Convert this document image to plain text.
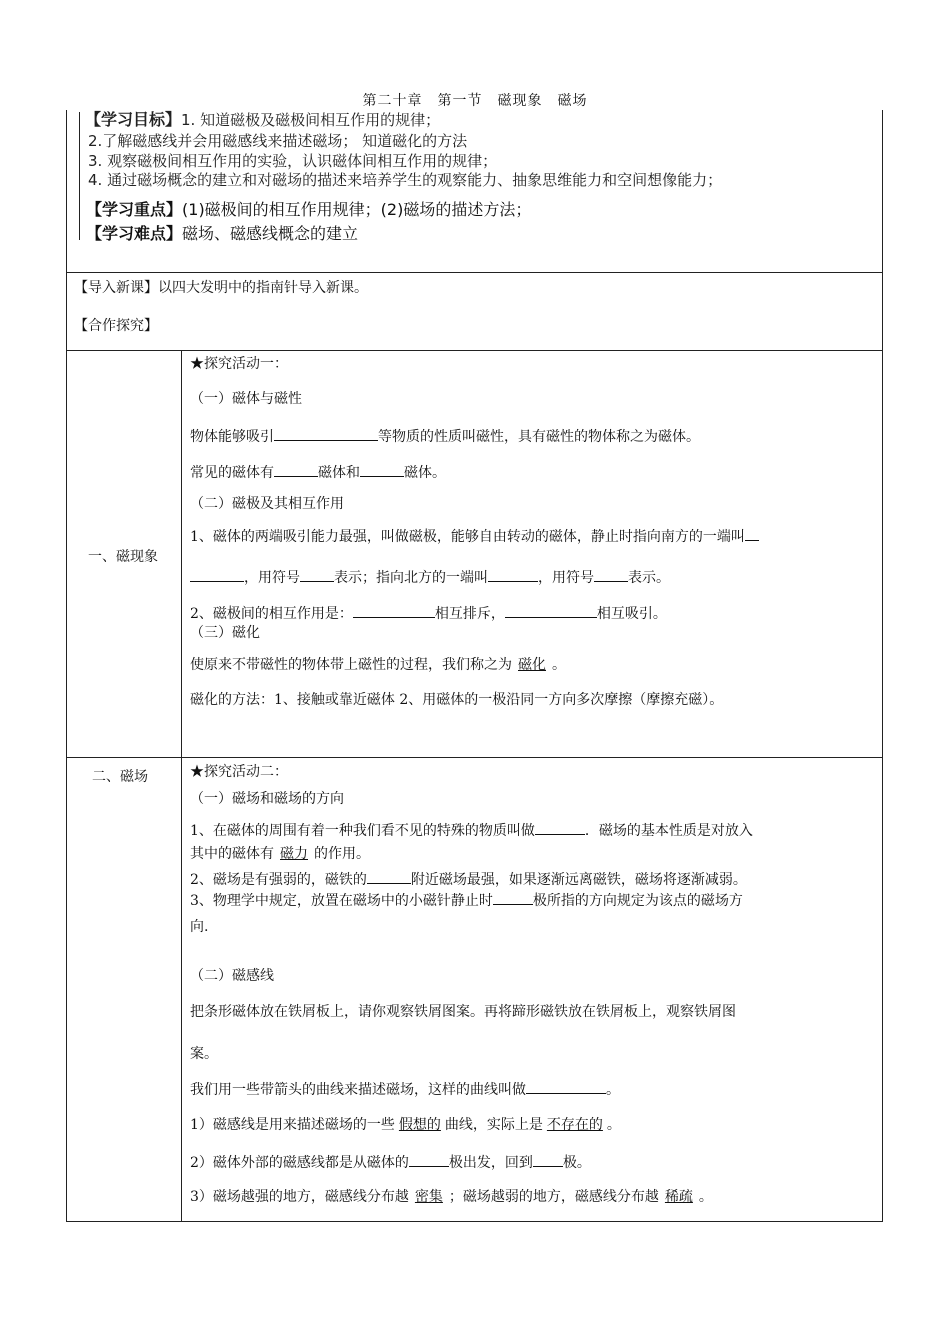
第二十章　第一节　磁现象　磁场
【学习目标】1. 知道磁极及磁极间相互作用的规律；
2.了解磁感线并会用磁感线来描述磁场； 知道磁化的方法
3. 观察磁极间相互作用的实验，认识磁体间相互作用的规律；
4. 通过磁场概念的建立和对磁场的描述来培养学生的观察能力、抽象思维能力和空间想像能力；
【学习重点】(1)磁极间的相互作用规律；(2)磁场的描述方法；
【学习难点】磁场、磁感线概念的建立
【导入新课】以四大发明中的指南针导入新课。
【合作探究】
一、磁现象
★探究活动一：
（一）磁体与磁性
物体能够吸引	等物质的性质叫磁性，具有磁性的物体称之为磁体。
常见的磁体有	磁体和	磁体。
（二）磁极及其相互作用
1、磁体的两端吸引能力最强，叫做磁极，能够自由转动的磁体，静止时指向南方的一端叫
，用符号 表示；指向北方的一端叫	，用符号 表示。
2、磁极间的相互作用是：	相互排斥，	相互吸引。
（三）磁化
使原来不带磁性的物体带上磁性的过程，我们称之为 磁化 。
磁化的方法：1、接触或靠近磁体 2、用磁体的一极沿同一方向多次摩擦（摩擦充磁）。
二、磁场	★探究活动二：
（一）磁场和磁场的方向
1、在磁体的周围有着一种我们看不见的特殊的物质叫做	．磁场的基本性质是对放入
其中的磁体有 磁力 的作用。
2、磁场是有强弱的，磁铁的	附近磁场最强，如果逐渐远离磁铁，磁场将逐渐减弱。
3、物理学中规定，放置在磁场中的小磁针静止时	极所指的方向规定为该点的磁场方
向.
（二）磁感线
把条形磁体放在铁屑板上，请你观察铁屑图案。再将蹄形磁铁放在铁屑板上，观察铁屑图
案。
我们用一些带箭头的曲线来描述磁场，这样的曲线叫做	。
1）磁感线是用来描述磁场的一些 假想的 曲线，实际上是 不存在的 。
2）磁体外部的磁感线都是从磁体的	极出发，回到 极。
3）磁场越强的地方，磁感线分布越 密集 ；磁场越弱的地方，磁感线分布越 稀疏 。
